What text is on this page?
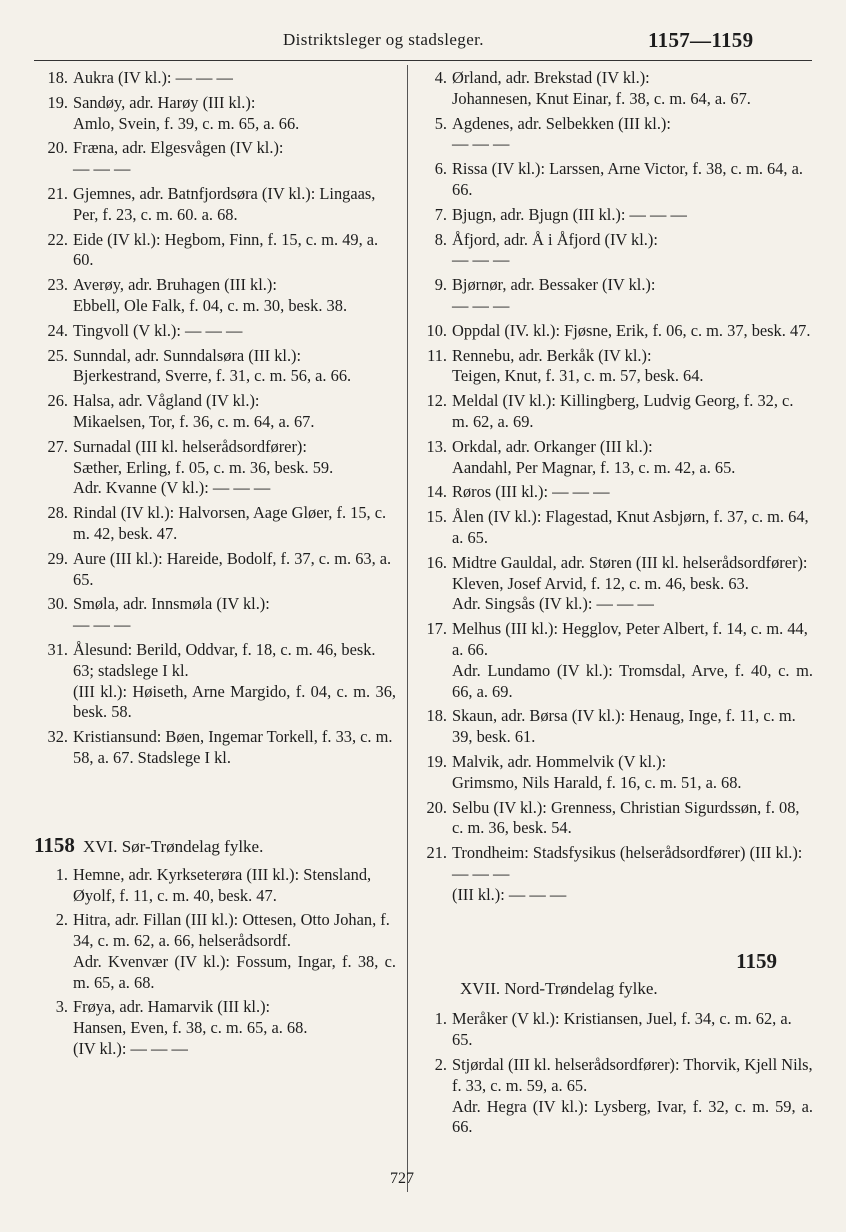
Distriktsleger og stadsleger.	1157—1159
18. Aukra (IV kl.): — — —

19. Sandøy, adr. Harøy (III kl.):

Amlo, Svein, f. 39, c. m. 65, a. 66.

20. Fræna, adr. Elgesvågen (IV kl.):

— — —

21. Gjemnes, adr. Batnfjordsøra (IV kl.): Lingaas, Per, f. 23, c. m. 60. a. 68.

22. Eide (IV kl.): Hegbom, Finn, f. 15, c. m. 49, a. 60.

23. Averøy, adr. Bruhagen (III kl.):

Ebbell, Ole Falk, f. 04, c. m. 30, besk. 38.

24. Tingvoll (V kl.): — — —

25. Sunndal, adr. Sunndalsøra (III kl.):

Bjerkestrand, Sverre, f. 31, c. m. 56, a. 66.

26. Halsa, adr. Vågland (IV kl.):

Mikaelsen, Tor, f. 36, c. m. 64, a. 67.

27. Surnadal (III kl. helserådsordfører):

Sæther, Erling, f. 05, c. m. 36, besk. 59.

Adr. Kvanne (V kl.): — — —

28. Rindal (IV kl.): Halvorsen, Aage Gløer, f. 15, c. m. 42, besk. 47.

29. Aure (III kl.): Hareide, Bodolf, f. 37, c. m. 63, a. 65.

30. Smøla, adr. Innsmøla (IV kl.):

— — —

31. Ålesund: Berild, Oddvar, f. 18, c. m. 46, besk. 63; stadslege I kl.

(III kl.): Høiseth, Arne Margido, f. 04, c. m. 36, besk. 58.

32. Kristiansund: Bøen, Ingemar Torkell, f. 33, c. m. 58, a. 67. Stadslege I kl.

1158 XVI. Sør-Trøndelag fylke.
1. Hemne, adr. Kyrkseterøra (III kl.): Stensland, Øyolf, f. 11, c. m. 40, besk. 47.

2. Hitra, adr. Fillan (III kl.): Ottesen, Otto Johan, f. 34, c. m. 62, a. 66, helserådsordf.

Adr. Kvenvær (IV kl.): Fossum, Ingar, f. 38, c. m. 65, a. 68.

3. Frøya, adr. Hamarvik (III kl.):

Hansen, Even, f. 38, c. m. 65, a. 68.

(IV kl.): — — —

4. Ørland, adr. Brekstad (IV kl.):

Johannesen, Knut Einar, f. 38, c. m. 64, a. 67.

5. Agdenes, adr. Selbekken (III kl.):

— — —

6. Rissa (IV kl.): Larssen, Arne Victor, f. 38, c. m. 64, a. 66.

7. Bjugn, adr. Bjugn (III kl.): — — —

8. Åfjord, adr. Å i Åfjord (IV kl.):

— — —

9. Bjørnør, adr. Bessaker (IV kl.):

— — —

10. Oppdal (IV. kl.): Fjøsne, Erik, f. 06, c. m. 37, besk. 47.

11. Rennebu, adr. Berkåk (IV kl.):

Teigen, Knut, f. 31, c. m. 57, besk. 64.

12. Meldal (IV kl.): Killingberg, Ludvig Georg, f. 32, c. m. 62, a. 69.

13. Orkdal, adr. Orkanger (III kl.):

Aandahl, Per Magnar, f. 13, c. m. 42, a. 65.

14. Røros (III kl.): — — —

15. Ålen (IV kl.): Flagestad, Knut Asbjørn, f. 37, c. m. 64, a. 65.

16. Midtre Gauldal, adr. Støren (III kl. helserådsordfører): Kleven, Josef Arvid, f. 12, c. m. 46, besk. 63.

Adr. Singsås (IV kl.): — — —

17. Melhus (III kl.): Hegglov, Peter Albert, f. 14, c. m. 44, a. 66.

Adr. Lundamo (IV kl.): Tromsdal, Arve, f. 40, c. m. 66, a. 69.

18. Skaun, adr. Børsa (IV kl.): Henaug, Inge, f. 11, c. m. 39, besk. 61.

19. Malvik, adr. Hommelvik (V kl.):

Grimsmo, Nils Harald, f. 16, c. m. 51, a. 68.

20. Selbu (IV kl.): Grenness, Christian Sigurdssøn, f. 08, c. m. 36, besk. 54.

21. Trondheim: Stadsfysikus (helserådsordfører) (III kl.): — — —

(III kl.): — — —

1159
XVII. Nord-Trøndelag fylke.
1. Meråker (V kl.): Kristiansen, Juel, f. 34, c. m. 62, a. 65.

2. Stjørdal (III kl. helserådsordfører): Thorvik, Kjell Nils, f. 33, c. m. 59, a. 65.

Adr. Hegra (IV kl.): Lysberg, Ivar, f. 32, c. m. 59, a. 66.

727
